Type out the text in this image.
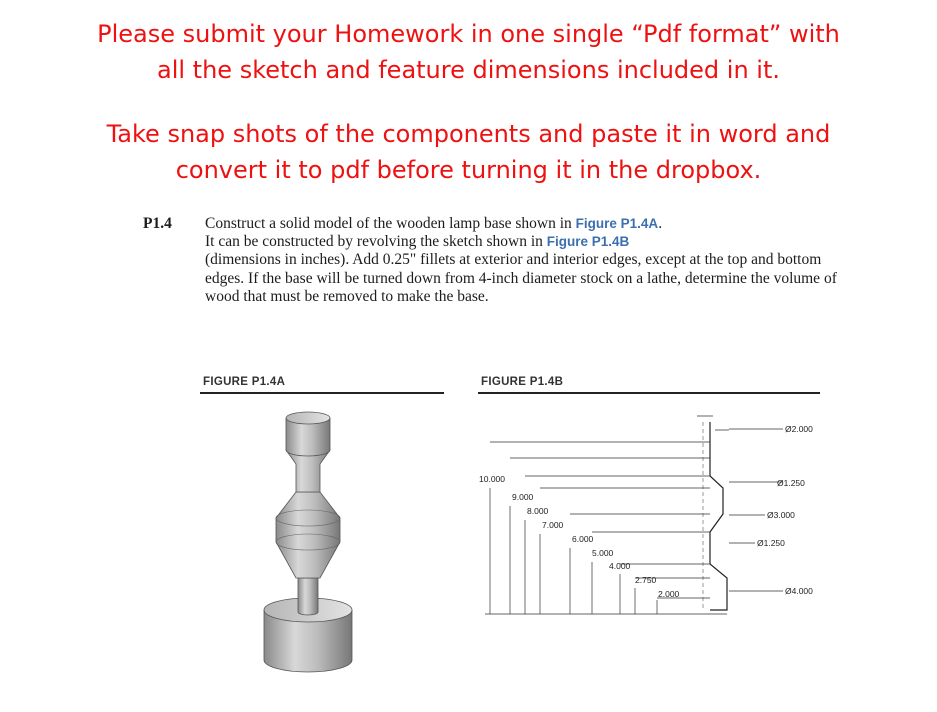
Please submit your Homework in one single “Pdf format” with
all the sketch and feature dimensions included in it.
Take snap shots of the components and paste it in word and
convert it to pdf before turning it in the dropbox.
P1.4 Construct a solid model of the wooden lamp base shown in Figure P1.4A.
It can be constructed by revolving the sketch shown in Figure P1.4B
(dimensions in inches). Add 0.25" fillets at exterior and interior edges, except at the top and bottom edges. If the base will be turned down from 4-inch diameter stock on a lathe, determine the volume of wood that must be removed to make the base.
FIGURE P1.4A	FIGURE P1.4B
10.000
9.000
8.000
7.000
6.000
5.000
4.000
2.750
2.000
Ø2.000
Ø1.250
Ø3.000
Ø1.250
Ø4.000
